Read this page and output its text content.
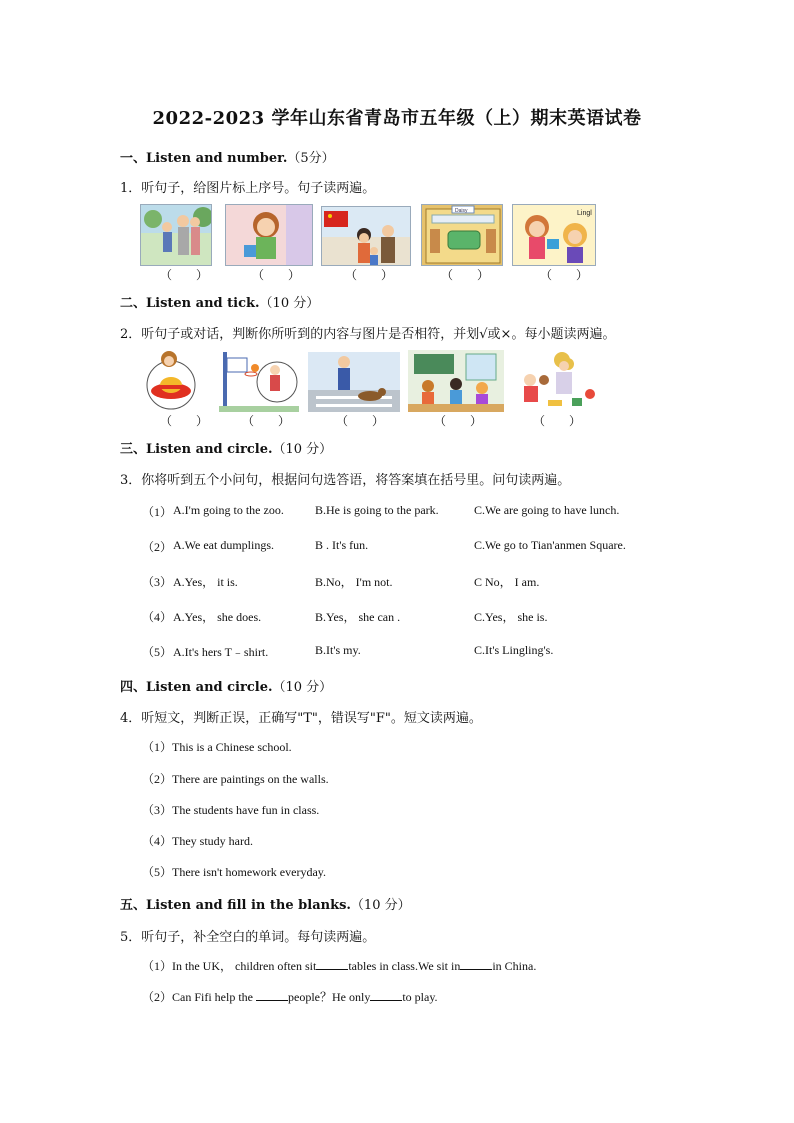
2022-2023 学年山东省青岛市五年级（上）期末英语试卷
一、Listen and number.（5分）
1．听句子，给图片标上序号。句子读两遍。
Daisy	Lingl
（        ）	（        ）	（        ）	（        ）	（        ）
二、Listen and tick.（10 分）
2．听句子或对话，判断你所听到的内容与图片是否相符，并划√或×。每小题读两遍。
（        ）	（        ）	（        ）	（        ）	（        ）
三、Listen and circle.（10 分）
3．你将听到五个小问句，根据问句选答语，将答案填在括号里。问句读两遍。
（1） A.I'm going to the zoo.	B.He is going to the park.	C.We are going to have lunch.
（2） A.We eat dumplings.	B . It's fun.	C.We go to Tian'anmen Square.
（3） A.Yes， it is.	B.No， I'm not.	C No， I am.
（4） A.Yes， she does.	B.Yes， she can .	C.Yes， she is.
（5） A.It's hers T﹣shirt.	B.It's my.	C.It's Lingling's.
四、Listen and circle.（10 分）
4．听短文，判断正误，正确写"T"，错误写"F"。短文读两遍。
（1）This is a Chinese school.
（2）There are paintings on the walls.
（3）The students have fun in class.
（4）They study hard.
（5）There isn't homework everyday.
五、Listen and fill in the blanks.（10 分）
5．听句子，补全空白的单词。每句读两遍。
（1）In the UK， children often sit	tables in class.We sit in	in China.
（2）Can Fifi help the	people？He only	to play.
